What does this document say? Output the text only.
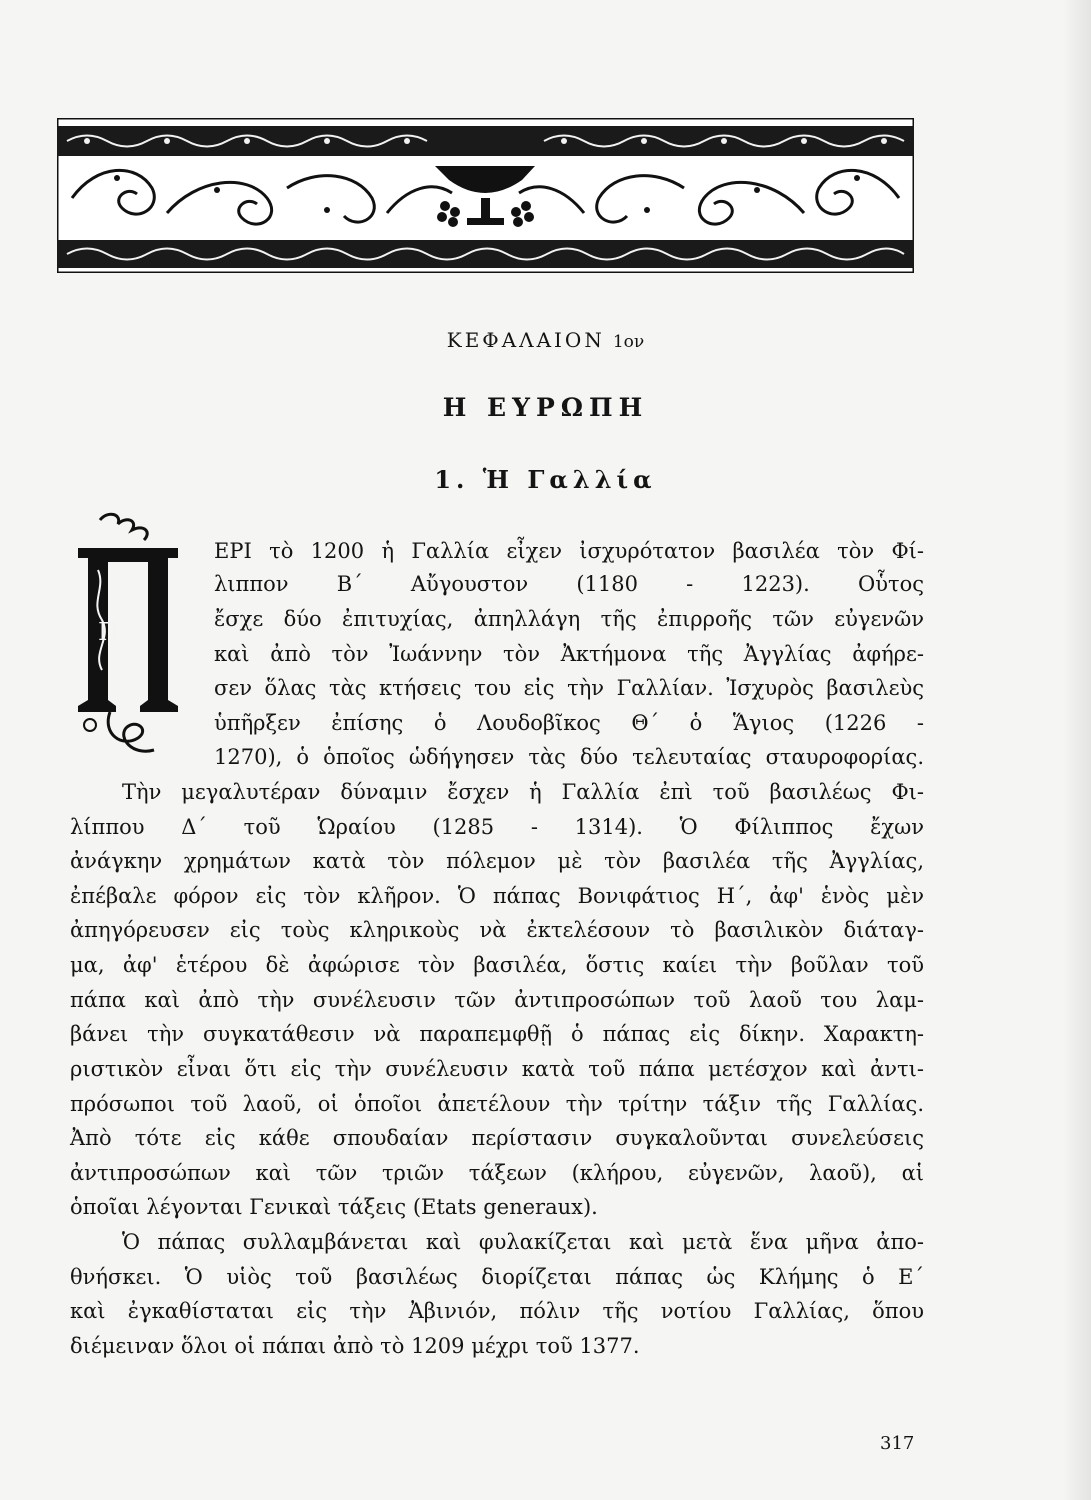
ΚΕΦΑΛΑΙΟΝ 1ον
Η ΕΥΡΩΠΗ
1. Ἡ Γαλλία
Π
ΕΡΙ τὸ 1200 ἡ Γαλλία εἶχεν ἰσχυρότατον βασιλέα τὸν Φί-
λιππον Β΄ Αὔγουστον (1180 - 1223). Οὗτος
ἔσχε δύο ἐπιτυχίας, ἀπηλλάγη τῆς ἐπιρροῆς τῶν εὐγενῶν
καὶ ἀπὸ τὸν Ἰωάννην τὸν Ἀκτήμονα τῆς Ἀγγλίας ἀφήρε-
σεν ὅλας τὰς κτήσεις του εἰς τὴν Γαλλίαν. Ἰσχυρὸς βασιλεὺς
ὑπῆρξεν ἐπίσης ὁ Λουδοβῖκος Θ΄ ὁ Ἅγιος (1226 -
1270), ὁ ὁποῖος ὡδήγησεν τὰς δύο τελευταίας σταυροφορίας.
Τὴν μεγαλυτέραν δύναμιν ἔσχεν ἡ Γαλλία ἐπὶ τοῦ βασιλέως Φι-
λίππου Δ΄ τοῦ Ὡραίου (1285 - 1314). Ὁ Φίλιππος ἔχων
ἀνάγκην χρημάτων κατὰ τὸν πόλεμον μὲ τὸν βασιλέα τῆς Ἀγγλίας,
ἐπέβαλε φόρον εἰς τὸν κλῆρον. Ὁ πάπας Βονιφάτιος Η΄, ἀφ' ἑνὸς μὲν
ἀπηγόρευσεν εἰς τοὺς κληρικοὺς νὰ ἐκτελέσουν τὸ βασιλικὸν διάταγ-
μα, ἀφ' ἑτέρου δὲ ἀφώρισε τὸν βασιλέα, ὅστις καίει τὴν βοῦλαν τοῦ
πάπα καὶ ἀπὸ τὴν συνέλευσιν τῶν ἀντιπροσώπων τοῦ λαοῦ του λαμ-
βάνει τὴν συγκατάθεσιν νὰ παραπεμφθῇ ὁ πάπας εἰς δίκην. Χαρακτη-
ριστικὸν εἶναι ὅτι εἰς τὴν συνέλευσιν κατὰ τοῦ πάπα μετέσχον καὶ ἀντι-
πρόσωποι τοῦ λαοῦ, οἱ ὁποῖοι ἀπετέλουν τὴν τρίτην τάξιν τῆς Γαλλίας.
Ἀπὸ τότε εἰς κάθε σπουδαίαν περίστασιν συγκαλοῦνται συνελεύσεις
ἀντιπροσώπων καὶ τῶν τριῶν τάξεων (κλήρου, εὐγενῶν, λαοῦ), αἱ
ὁποῖαι λέγονται Γενικαὶ τάξεις (Etats generaux).
Ὁ πάπας συλλαμβάνεται καὶ φυλακίζεται καὶ μετὰ ἕνα μῆνα ἀπο-
θνήσκει. Ὁ υἱὸς τοῦ βασιλέως διορίζεται πάπας ὡς Κλήμης ὁ Ε΄
καὶ ἐγκαθίσταται εἰς τὴν Ἀβινιόν, πόλιν τῆς νοτίου Γαλλίας, ὅπου
διέμειναν ὅλοι οἱ πάπαι ἀπὸ τὸ 1209 μέχρι τοῦ 1377.
317
